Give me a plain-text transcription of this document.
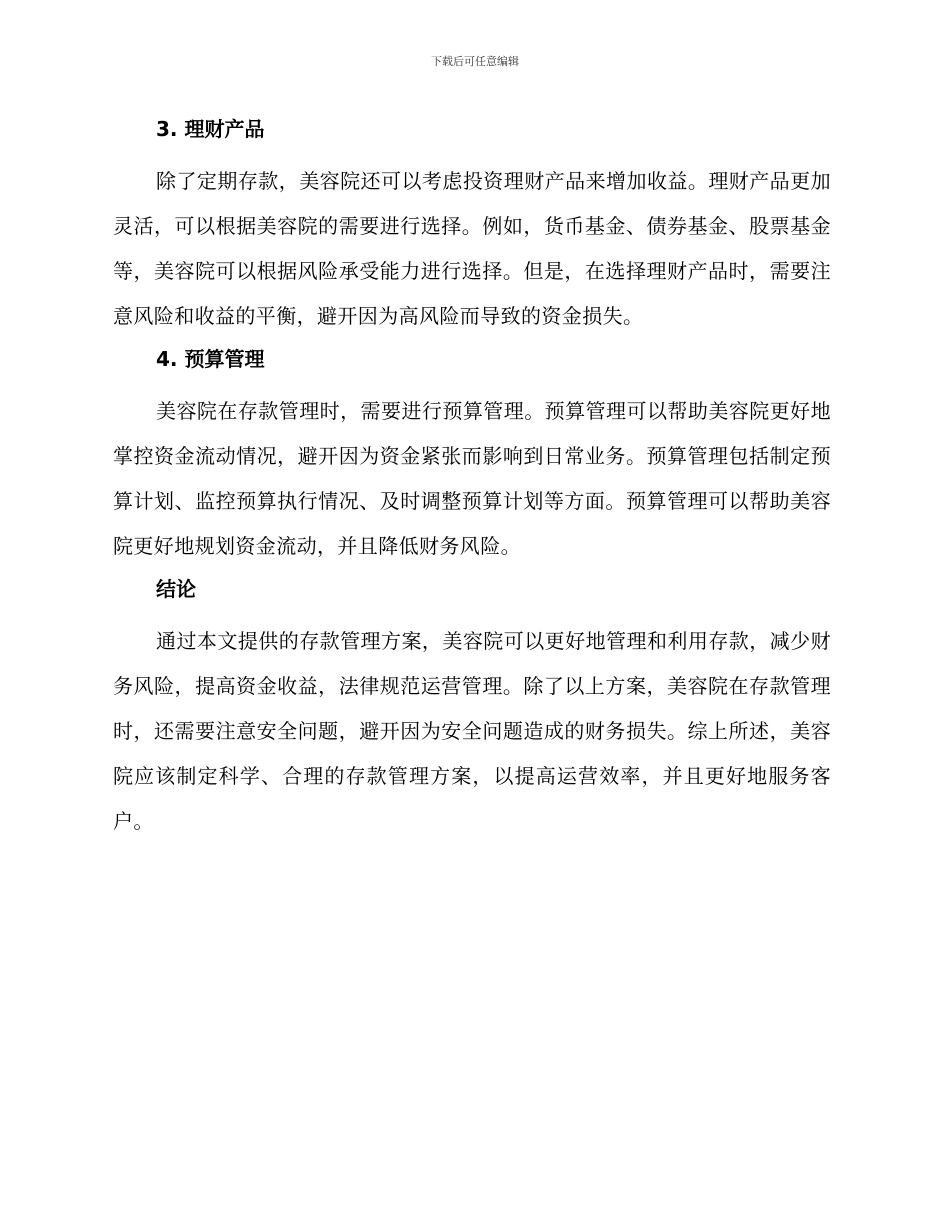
下载后可任意编辑
3. 理财产品

除了定期存款，美容院还可以考虑投资理财产品来增加收益。理财产品更加灵活，可以根据美容院的需要进行选择。例如，货币基金、债券基金、股票基金等，美容院可以根据风险承受能力进行选择。但是，在选择理财产品时，需要注意风险和收益的平衡，避开因为高风险而导致的资金损失。

4. 预算管理

美容院在存款管理时，需要进行预算管理。预算管理可以帮助美容院更好地掌控资金流动情况，避开因为资金紧张而影响到日常业务。预算管理包括制定预算计划、监控预算执行情况、及时调整预算计划等方面。预算管理可以帮助美容院更好地规划资金流动，并且降低财务风险。

结论

通过本文提供的存款管理方案，美容院可以更好地管理和利用存款，减少财务风险，提高资金收益，法律规范运营管理。除了以上方案，美容院在存款管理时，还需要注意安全问题，避开因为安全问题造成的财务损失。综上所述，美容院应该制定科学、合理的存款管理方案，以提高运营效率，并且更好地服务客户。
